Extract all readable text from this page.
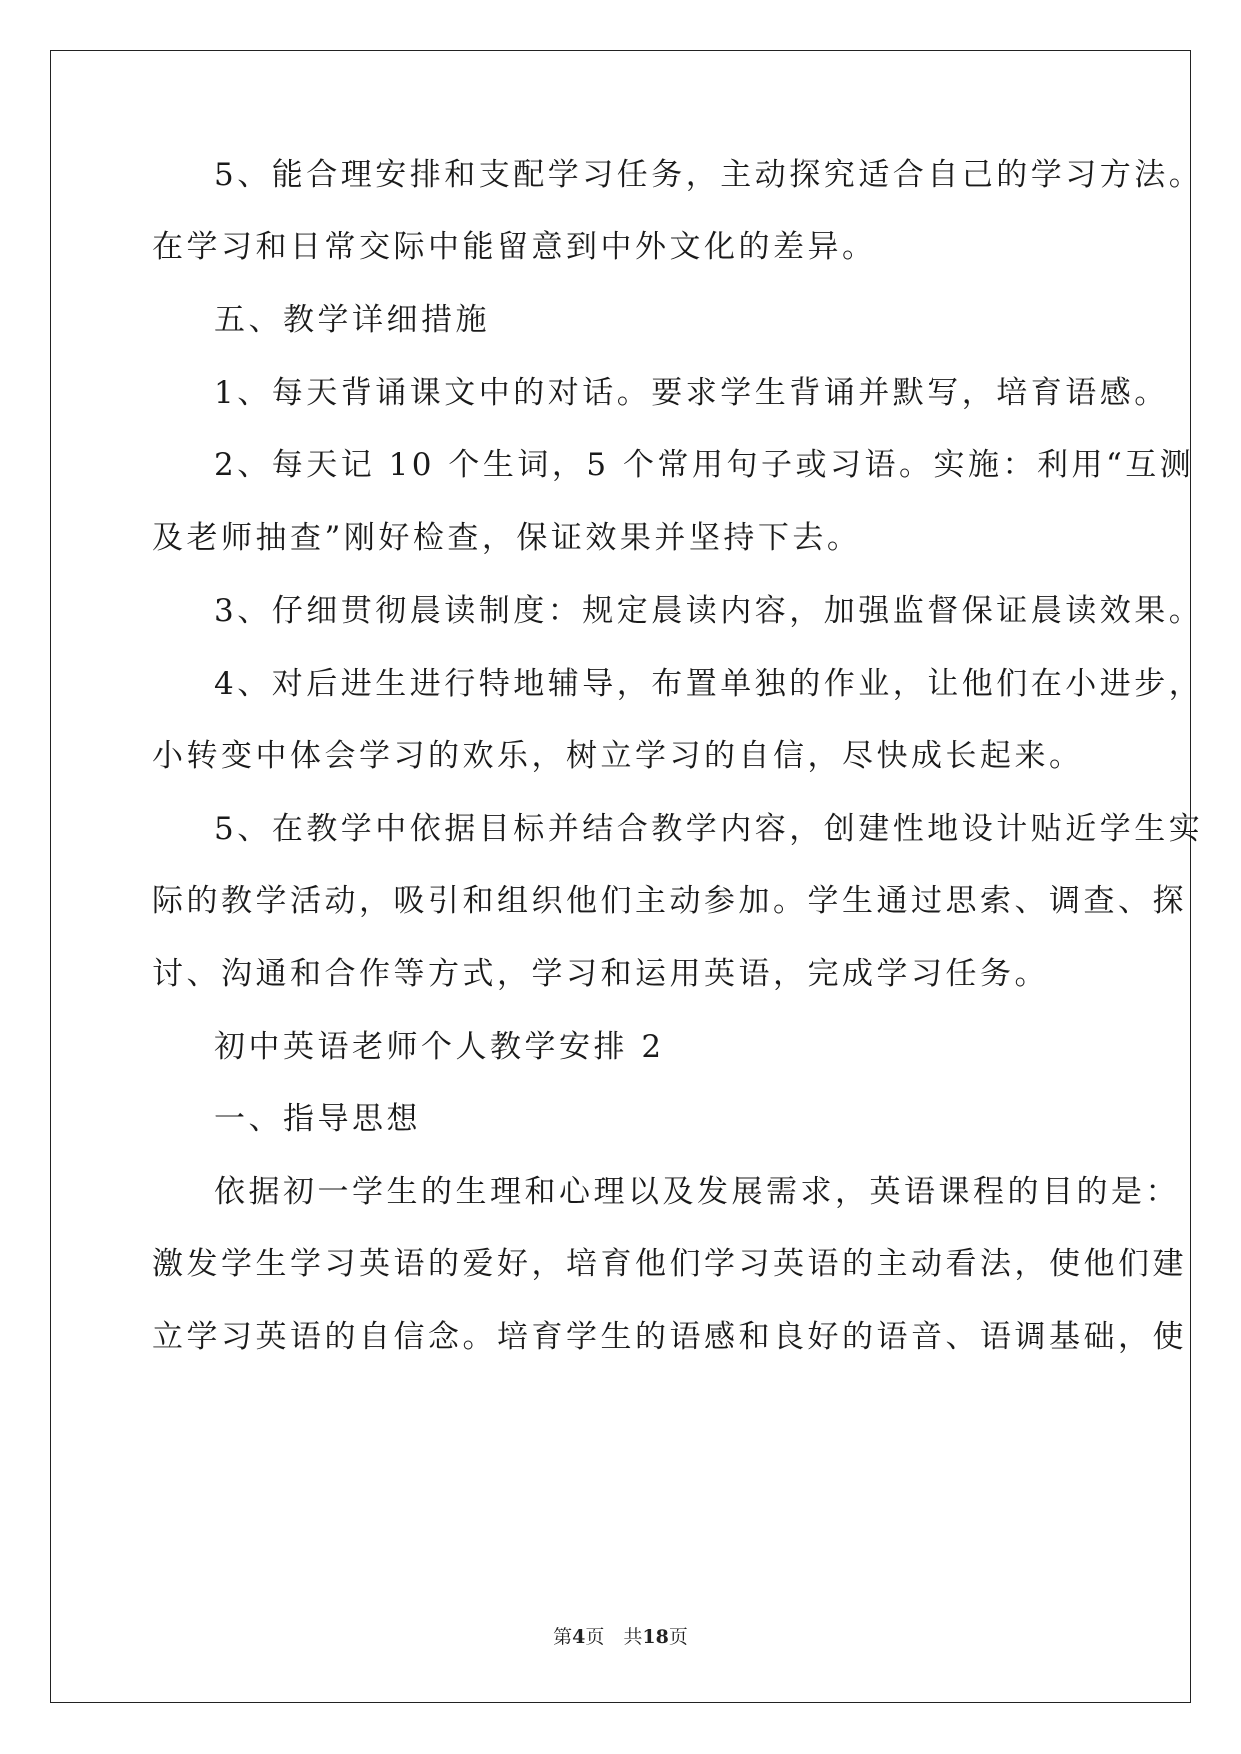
5、能合理安排和支配学习任务，主动探究适合自己的学习方法。
在学习和日常交际中能留意到中外文化的差异。
五、教学详细措施
1、每天背诵课文中的对话。要求学生背诵并默写，培育语感。
2、每天记 10 个生词，5 个常用句子或习语。实施：利用“互测
及老师抽查”刚好检查，保证效果并坚持下去。
3、仔细贯彻晨读制度：规定晨读内容，加强监督保证晨读效果。
4、对后进生进行特地辅导，布置单独的作业，让他们在小进步，
小转变中体会学习的欢乐，树立学习的自信，尽快成长起来。
5、在教学中依据目标并结合教学内容，创建性地设计贴近学生实
际的教学活动，吸引和组织他们主动参加。学生通过思索、调查、探
讨、沟通和合作等方式，学习和运用英语，完成学习任务。
初中英语老师个人教学安排 2
一、指导思想
依据初一学生的生理和心理以及发展需求，英语课程的目的是：
激发学生学习英语的爱好，培育他们学习英语的主动看法，使他们建
立学习英语的自信念。培育学生的语感和良好的语音、语调基础，使
第4页　共18页
